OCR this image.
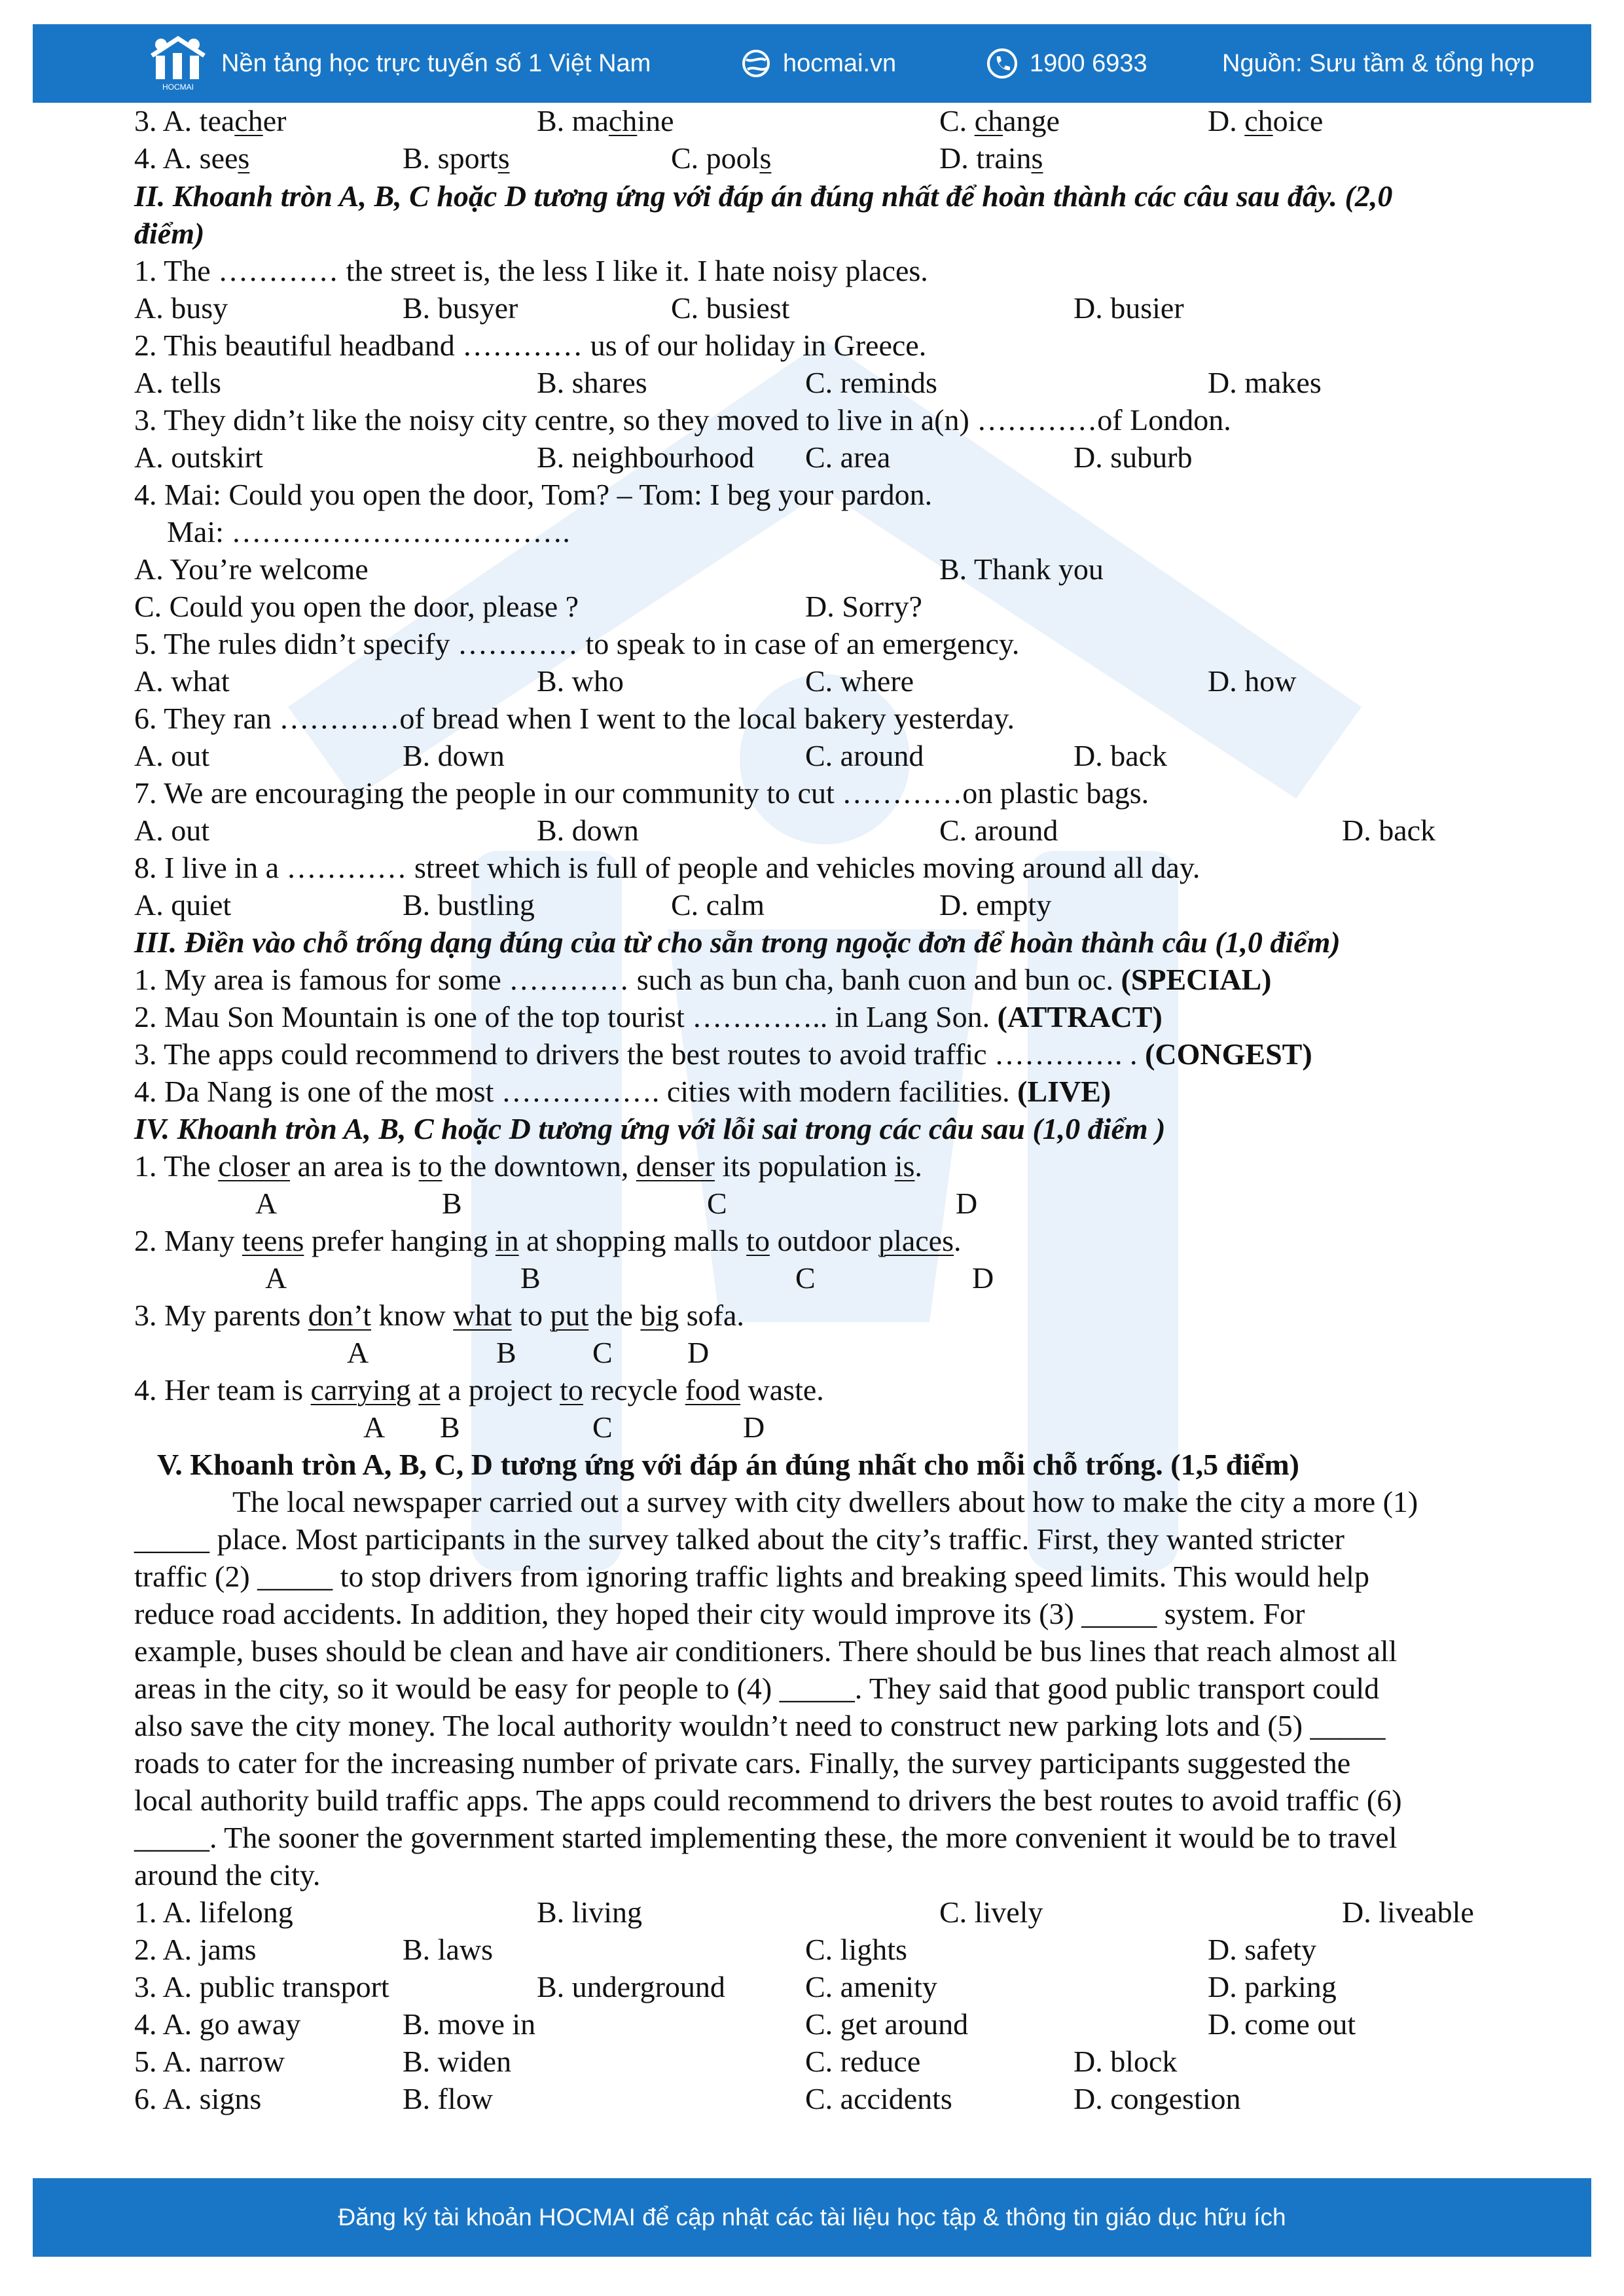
HOCMAI
Nền tảng học trực tuyến số 1 Việt Nam	hocmai.vn	1900 6933	Nguồn: Sưu tầm & tổng hợp
3. A. teacher	B. machine	C. change	D. choice
4. A. sees	B. sports	C. pools	D. trains
II. Khoanh tròn A, B, C hoặc D tương ứng với đáp án đúng nhất để hoàn thành các câu sau đây. (2,0
điểm)
1. The ………… the street is, the less I like it. I hate noisy places.
A. busy	B. busyer	C. busiest	D. busier
2. This beautiful headband ………… us of our holiday in Greece.
A. tells	B. shares	C. reminds	D. makes
3. They didn’t like the noisy city centre, so they moved to live in a(n) …………of London.
A. outskirt	B. neighbourhood C. area	D. suburb
4. Mai: Could you open the door, Tom? – Tom: I beg your pardon.
Mai: …………………………….
A. You’re welcome	B. Thank you
C. Could you open the door, please ?	D. Sorry?
5. The rules didn’t specify ………… to speak to in case of an emergency.
A. what	B. who	C. where	D. how
6. They ran …………of bread when I went to the local bakery yesterday.
A. out	B. down	C. around	D. back
7. We are encouraging the people in our community to cut …………on plastic bags.
A. out	B. down	C. around	D. back
8. I live in a ………… street which is full of people and vehicles moving around all day.
A. quiet	B. bustling	C. calm	D. empty
III. Điền vào chỗ trống dạng đúng của từ cho sẵn trong ngoặc đơn để hoàn thành câu (1,0 điểm)
1. My area is famous for some ………… such as bun cha, banh cuon and bun oc. (SPECIAL)
2. Mau Son Mountain is one of the top tourist ………….. in Lang Son. (ATTRACT)
3. The apps could recommend to drivers the best routes to avoid traffic …………. . (CONGEST)
4. Da Nang is one of the most ……………. cities with modern facilities. (LIVE)
IV. Khoanh tròn A, B, C hoặc D tương ứng với lỗi sai trong các câu sau (1,0 điểm )
1. The closer an area is to the downtown, denser its population is.
A	B	C	D
2. Many teens prefer hanging in at shopping malls to outdoor places.
A	B	C	D
3. My parents don’t know what to put the big sofa.
A	B	C D
4. Her team is carrying at a project to recycle food waste.
A B	C	D
V. Khoanh tròn A, B, C, D tương ứng với đáp án đúng nhất cho mỗi chỗ trống. (1,5 điểm)
The local newspaper carried out a survey with city dwellers about how to make the city a more (1)
_____ place. Most participants in the survey talked about the city’s traffic. First, they wanted stricter
traffic (2) _____ to stop drivers from ignoring traffic lights and breaking speed limits. This would help
reduce road accidents. In addition, they hoped their city would improve its (3) _____ system. For
example, buses should be clean and have air conditioners. There should be bus lines that reach almost all
areas in the city, so it would be easy for people to (4) _____. They said that good public transport could
also save the city money. The local authority wouldn’t need to construct new parking lots and (5) _____
roads to cater for the increasing number of private cars. Finally, the survey participants suggested the
local authority build traffic apps. The apps could recommend to drivers the best routes to avoid traffic (6)
_____. The sooner the government started implementing these, the more convenient it would be to travel
around the city.
1. A. lifelong	B. living	C. lively	D. liveable
2. A. jams	B. laws	C. lights	D. safety
3. A. public transport	B. underground	C. amenity	D. parking
4. A. go away	B. move in	C. get around	D. come out
5. A. narrow	B. widen	C. reduce	D. block
6. A. signs	B. flow	C. accidents	D. congestion
Đăng ký tài khoản HOCMAI để cập nhật các tài liệu học tập & thông tin giáo dục hữu ích
